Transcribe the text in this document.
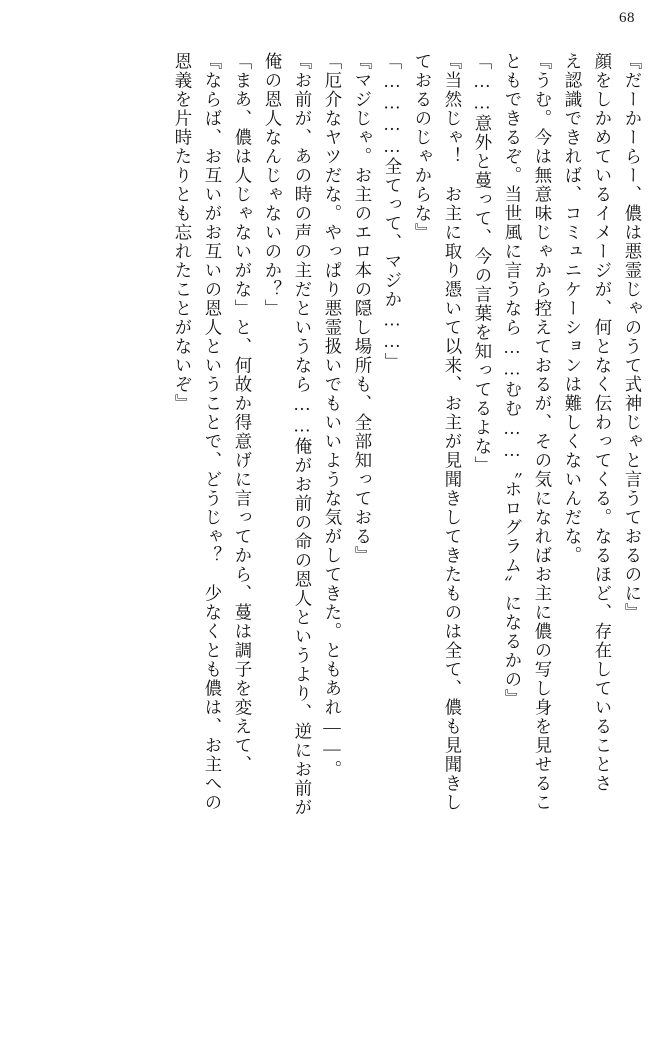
68
『だーかーらー、儂は悪霊じゃのうて式神じゃと言うておるのに』
顔をしかめているイメージが、何となく伝わってくる。なるほど、存在していることさ
え認識できれば、コミュニケーションは難しくないんだな。
『うむ。今は無意味じゃから控えておるが、その気になればお主に儂の写し身を見せるこ
ともできるぞ。当世風に言うなら……むむ……〝ホログラム〟になるかの』
「……意外と蔓って、今の言葉を知ってるよな」
『当然じゃ！　お主に取り憑いて以来、お主が見聞きしてきたものは全て、儂も見聞きし
ておるのじゃからな』
「…………全てって、マジか……」
『マジじゃ。お主のエロ本の隠し場所も、全部知っておる』
「厄介なヤツだな。やっぱり悪霊扱いでもいいような気がしてきた。ともあれ――。
『お前が、あの時の声の主だというなら……俺がお前の命の恩人というより、逆にお前が
俺の恩人なんじゃないのか？」
「まあ、儂は人じゃないがな」と、何故か得意げに言ってから、蔓は調子を変えて、
『ならば、お互いがお互いの恩人ということで、どうじゃ？　少なくとも儂は、お主への
恩義を片時たりとも忘れたことがないぞ』
